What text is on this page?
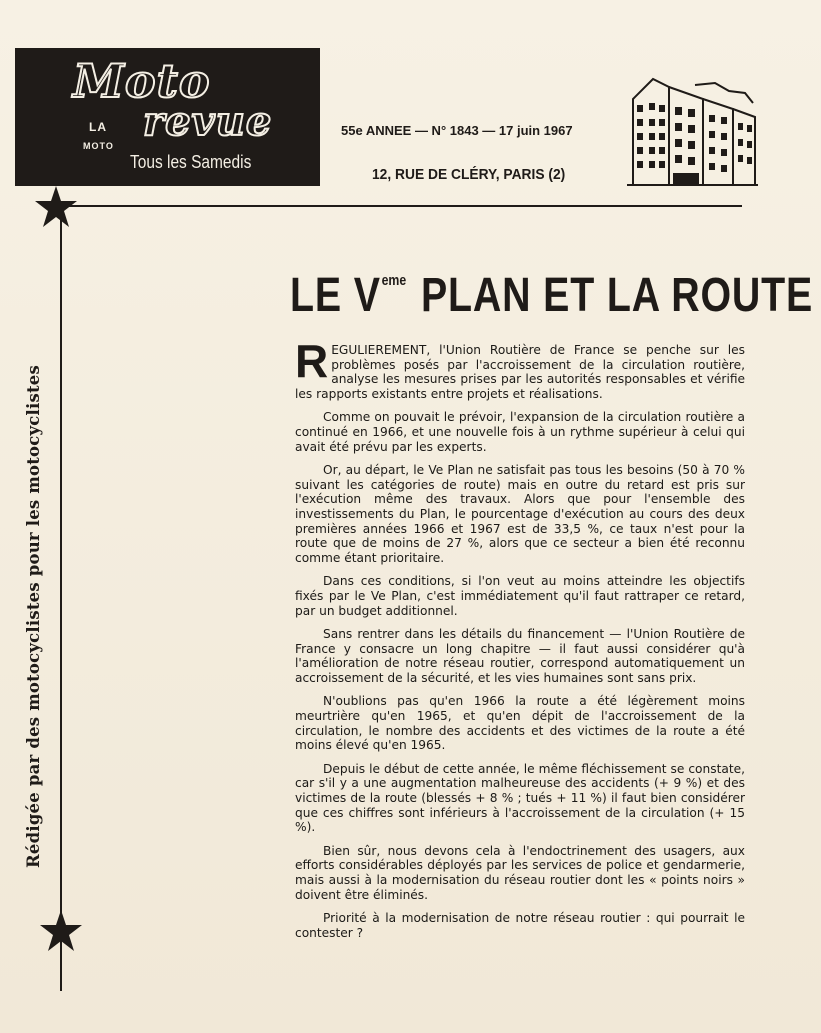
Moto
LA
MOTO
revue
Tous les Samedis
55e ANNEE — N° 1843 — 17 juin 1967
12, RUE DE CLÉRY, PARIS (2)
Rédigée par des motocyclistes pour les motocyclistes
LE Veme PLAN ET LA ROUTE

REGULIEREMENT, l'Union Routière de France se penche sur les problèmes posés par l'accroissement de la circulation routière, analyse les mesures prises par les autorités responsables et vérifie les rapports existants entre projets et réalisations.

Comme on pouvait le prévoir, l'expansion de la circulation routière a continué en 1966, et une nouvelle fois à un rythme supérieur à celui qui avait été prévu par les experts.

Or, au départ, le Ve Plan ne satisfait pas tous les besoins (50 à 70 % suivant les catégories de route) mais en outre du retard est pris sur l'exécution même des travaux. Alors que pour l'ensemble des investissements du Plan, le pourcentage d'exécution au cours des deux premières années 1966 et 1967 est de 33,5 %, ce taux n'est pour la route que de moins de 27 %, alors que ce secteur a bien été reconnu comme étant prioritaire.

Dans ces conditions, si l'on veut au moins atteindre les objectifs fixés par le Ve Plan, c'est immédiatement qu'il faut rattraper ce retard, par un budget additionnel.

Sans rentrer dans les détails du financement — l'Union Routière de France y consacre un long chapitre — il faut aussi considérer qu'à l'amélioration de notre réseau routier, correspond automatiquement un accroissement de la sécurité, et les vies humaines sont sans prix.

N'oublions pas qu'en 1966 la route a été légèrement moins meurtrière qu'en 1965, et qu'en dépit de l'accroissement de la circulation, le nombre des accidents et des victimes de la route a été moins élevé qu'en 1965.

Depuis le début de cette année, le même fléchissement se constate, car s'il y a une augmentation malheureuse des accidents (+ 9 %) et des victimes de la route (blessés + 8 % ; tués + 11 %) il faut bien considérer que ces chiffres sont inférieurs à l'accroissement de la circulation (+ 15 %).

Bien sûr, nous devons cela à l'endoctrinement des usagers, aux efforts considérables déployés par les services de police et gendarmerie, mais aussi à la modernisation du réseau routier dont les « points noirs » doivent être éliminés.

Priorité à la modernisation de notre réseau routier : qui pourrait le contester ?
